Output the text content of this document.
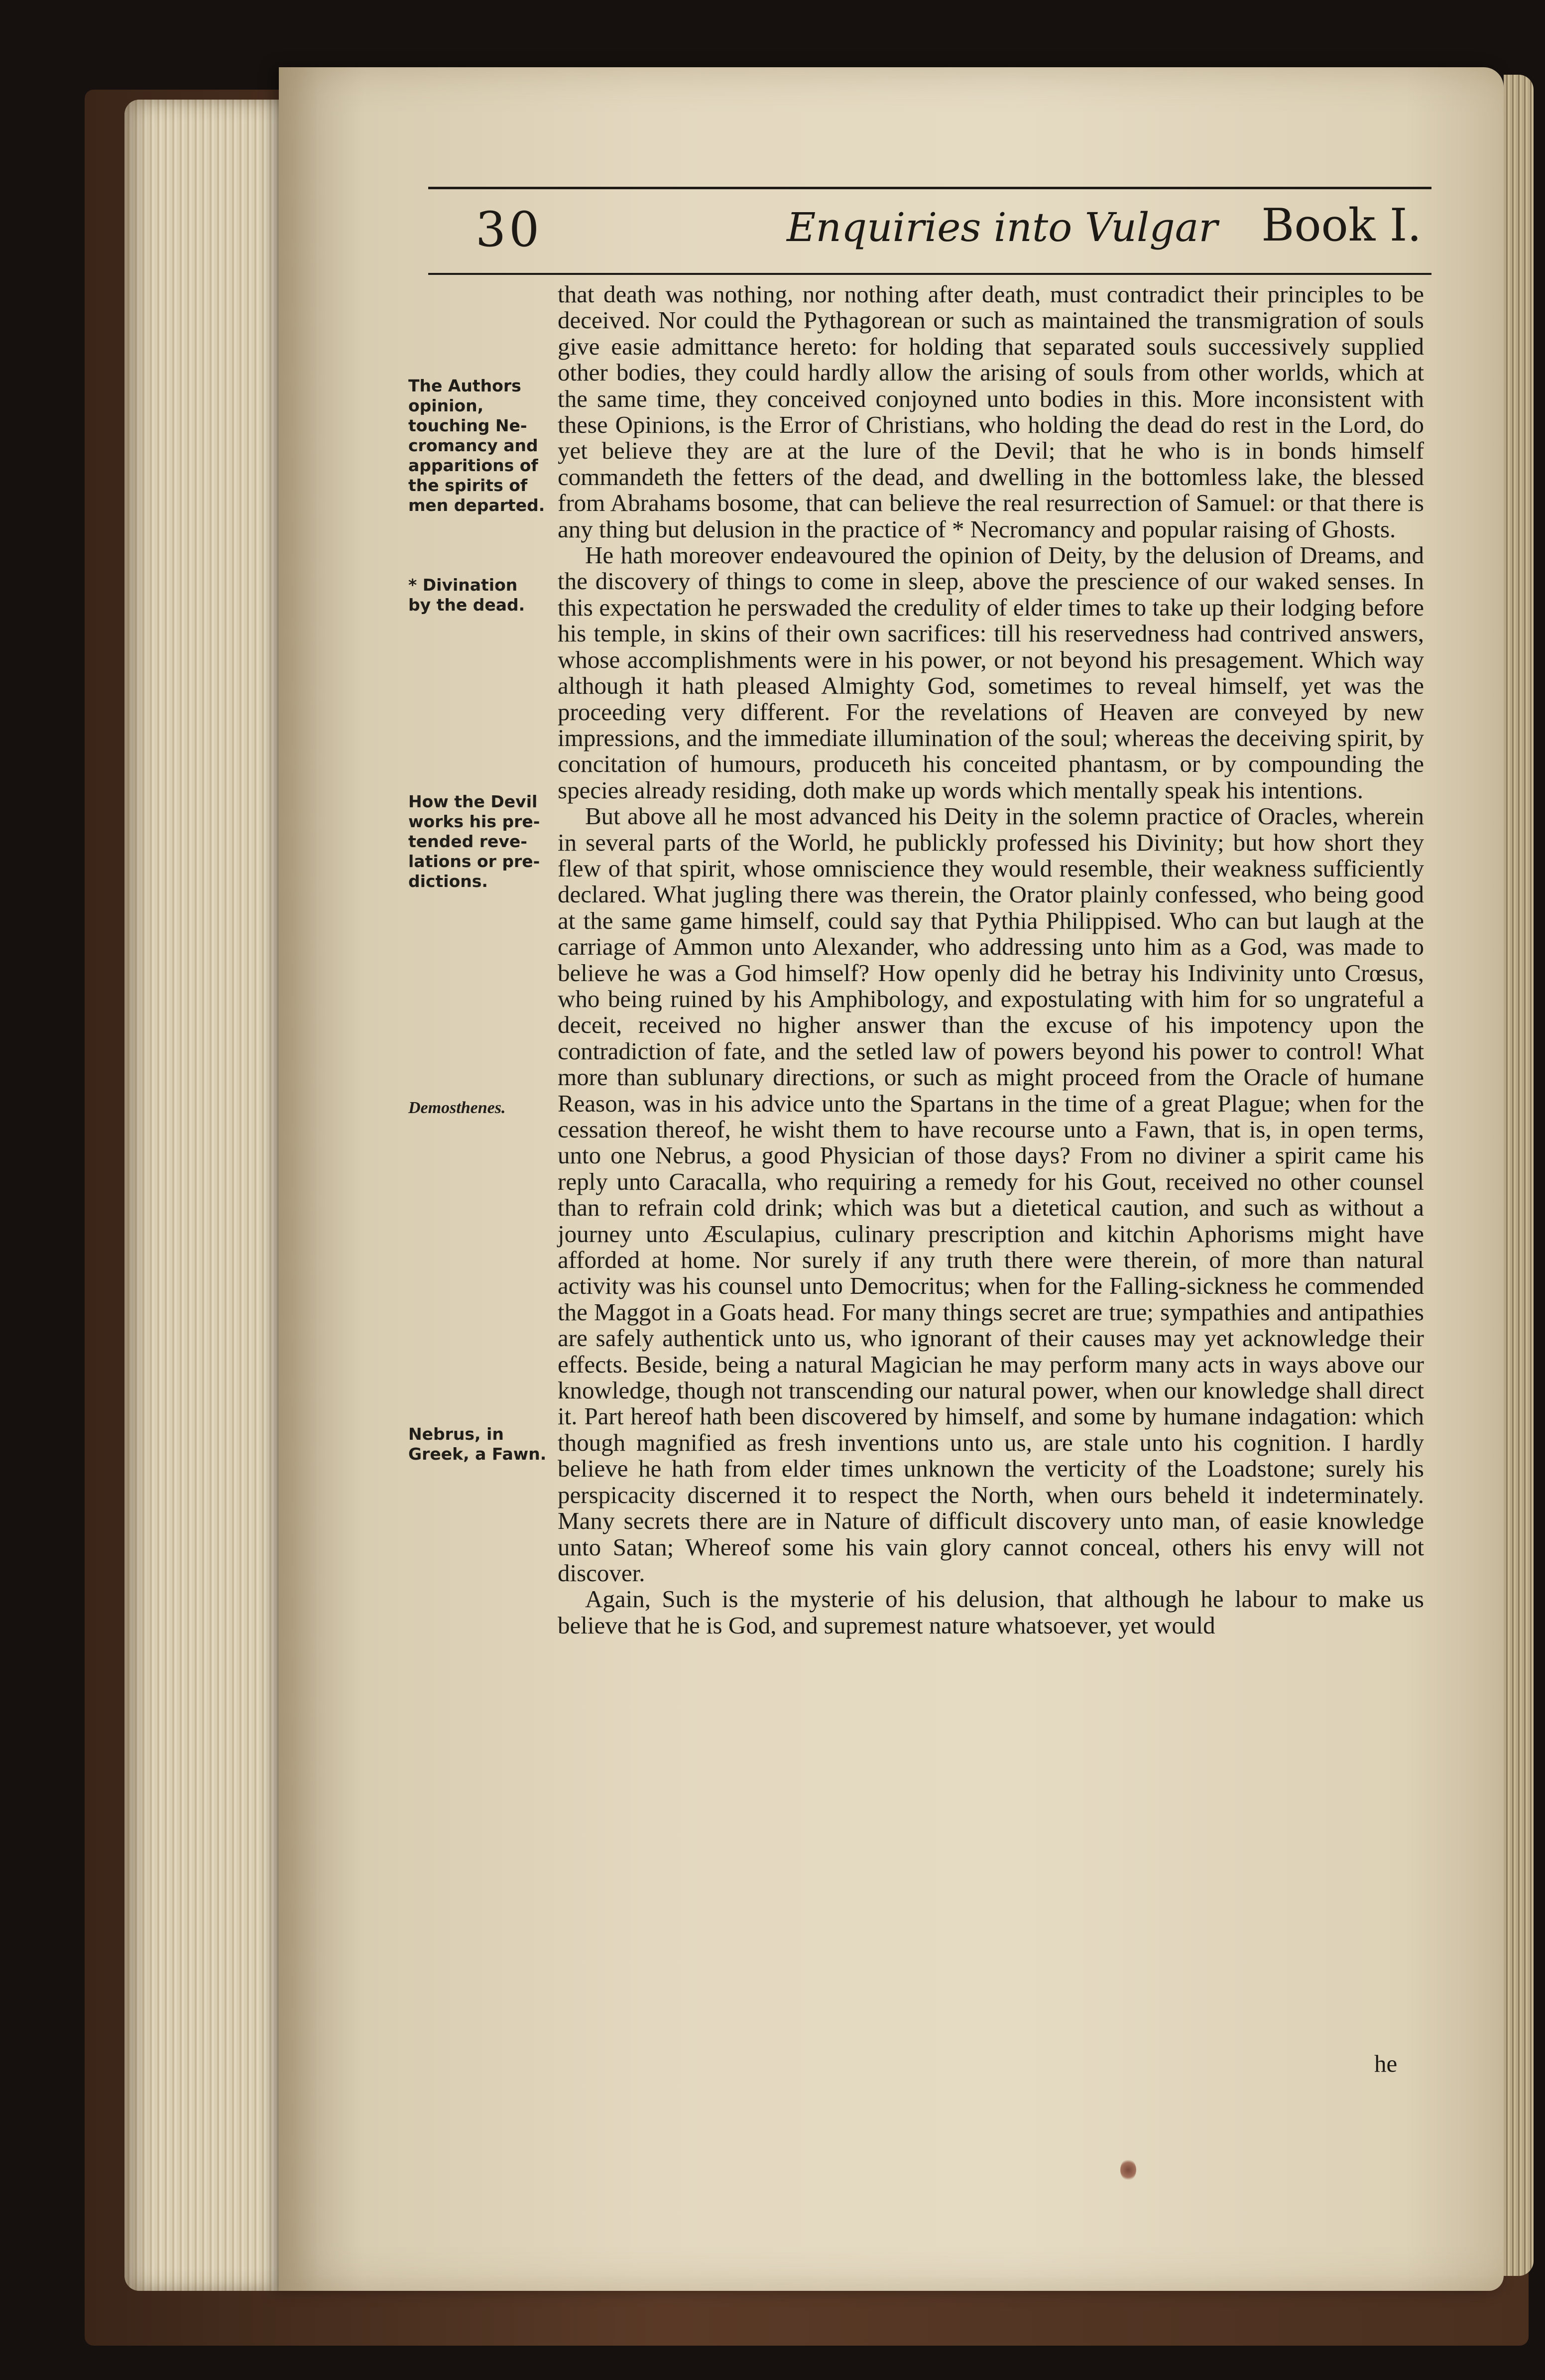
30	Enquiries into Vulgar Book I.
The Authors
opinion,
touching Ne-
cromancy and
apparitions of
the spirits of
men departed.
* Divination
by the dead.
How the Devil
works his pre-
tended reve-
lations or pre-
dictions.
Demosthenes.
Nebrus, in
Greek, a Fawn.

that death was nothing, nor nothing after death, must contradict their principles to be deceived. Nor could the Pythagorean or such as maintained the transmigration of souls give easie admittance hereto: for holding that separated souls successively supplied other bodies, they could hardly allow the arising of souls from other worlds, which at the same time, they conceived conjoyned unto bodies in this. More inconsistent with these Opinions, is the Error of Christians, who holding the dead do rest in the Lord, do yet believe they are at the lure of the Devil; that he who is in bonds himself commandeth the fetters of the dead, and dwelling in the bottomless lake, the blessed from Abrahams bosome, that can believe the real resurrection of Samuel: or that there is any thing but delusion in the practice of * Necromancy and popular raising of Ghosts.

He hath moreover endeavoured the opinion of Deity, by the delusion of Dreams, and the discovery of things to come in sleep, above the prescience of our waked senses. In this expectation he perswaded the credulity of elder times to take up their lodging before his temple, in skins of their own sacrifices: till his reservedness had contrived answers, whose accomplishments were in his power, or not beyond his presagement. Which way although it hath pleased Almighty God, sometimes to reveal himself, yet was the proceeding very different. For the revelations of Heaven are conveyed by new impressions, and the immediate illumination of the soul; whereas the deceiving spirit, by concitation of humours, produceth his conceited phantasm, or by compounding the species already residing, doth make up words which mentally speak his intentions.

But above all he most advanced his Deity in the solemn practice of Oracles, wherein in several parts of the World, he publickly professed his Divinity; but how short they flew of that spirit, whose omniscience they would resemble, their weakness sufficiently declared. What jugling there was therein, the Orator plainly confessed, who being good at the same game himself, could say that Pythia Philippised. Who can but laugh at the carriage of Ammon unto Alexander, who addressing unto him as a God, was made to believe he was a God himself? How openly did he betray his Indivinity unto Crœsus, who being ruined by his Amphibology, and expostulating with him for so ungrateful a deceit, received no higher answer than the excuse of his impotency upon the contradiction of fate, and the setled law of powers beyond his power to control! What more than sublunary directions, or such as might proceed from the Oracle of humane Reason, was in his advice unto the Spartans in the time of a great Plague; when for the cessation thereof, he wisht them to have recourse unto a Fawn, that is, in open terms, unto one Nebrus, a good Physician of those days? From no diviner a spirit came his reply unto Caracalla, who requiring a remedy for his Gout, received no other counsel than to refrain cold drink; which was but a dietetical caution, and such as without a journey unto Æsculapius, culinary prescription and kitchin Aphorisms might have afforded at home. Nor surely if any truth there were therein, of more than natural activity was his counsel unto Democritus; when for the Falling-sickness he commended the Maggot in a Goats head. For many things secret are true; sympathies and antipathies are safely authentick unto us, who ignorant of their causes may yet acknowledge their effects. Beside, being a natural Magician he may perform many acts in ways above our knowledge, though not transcending our natural power, when our knowledge shall direct it. Part hereof hath been discovered by himself, and some by humane indagation: which though magnified as fresh inventions unto us, are stale unto his cognition. I hardly believe he hath from elder times unknown the verticity of the Loadstone; surely his perspicacity discerned it to respect the North, when ours beheld it indeterminately. Many secrets there are in Nature of difficult discovery unto man, of easie knowledge unto Satan; Whereof some his vain glory cannot conceal, others his envy will not discover.

Again, Such is the mysterie of his delusion, that although he labour to make us believe that he is God, and supremest nature whatsoever, yet would

he
